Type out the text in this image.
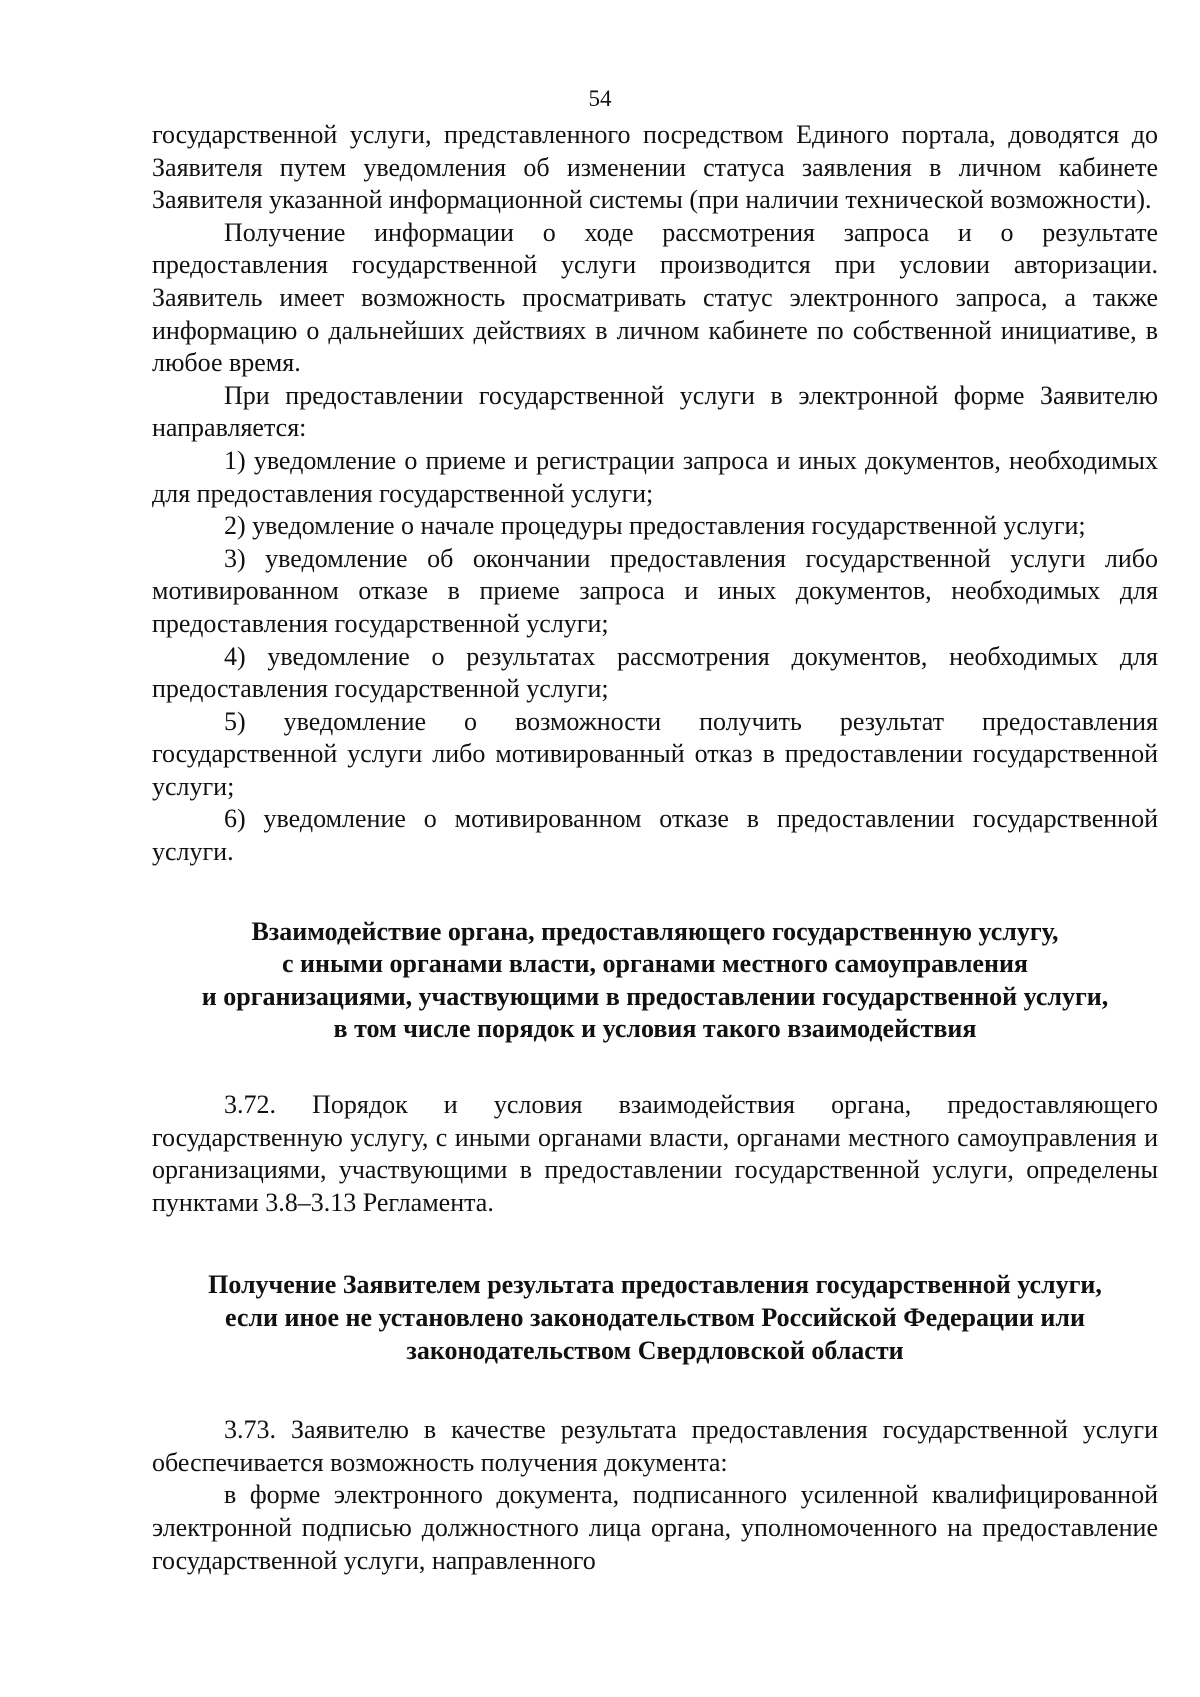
54

государственной услуги, представленного посредством Единого портала, доводятся до Заявителя путем уведомления об изменении статуса заявления в личном кабинете Заявителя указанной информационной системы (при наличии технической возможности).

Получение информации о ходе рассмотрения запроса и о результате предоставления государственной услуги производится при условии авторизации. Заявитель имеет возможность просматривать статус электронного запроса, а также информацию о дальнейших действиях в личном кабинете по собственной инициативе, в любое время.

При предоставлении государственной услуги в электронной форме Заявителю направляется:

1) уведомление о приеме и регистрации запроса и иных документов, необходимых для предоставления государственной услуги;

2) уведомление о начале процедуры предоставления государственной услуги;

3) уведомление об окончании предоставления государственной услуги либо мотивированном отказе в приеме запроса и иных документов, необходимых для предоставления государственной услуги;

4) уведомление о результатах рассмотрения документов, необходимых для предоставления государственной услуги;

5) уведомление о возможности получить результат предоставления государственной услуги либо мотивированный отказ в предоставлении государственной услуги;

6) уведомление о мотивированном отказе в предоставлении государственной услуги.

Взаимодействие органа, предоставляющего государственную услугу,
с иными органами власти, органами местного самоуправления
и организациями, участвующими в предоставлении государственной услуги,
в том числе порядок и условия такого взаимодействия

3.72. Порядок и условия взаимодействия органа, предоставляющего государственную услугу, с иными органами власти, органами местного самоуправления и организациями, участвующими в предоставлении государственной услуги, определены пунктами 3.8–3.13 Регламента.

Получение Заявителем результата предоставления государственной услуги,
если иное не установлено законодательством Российской Федерации или
законодательством Свердловской области

3.73. Заявителю в качестве результата предоставления государственной услуги обеспечивается возможность получения документа:

в форме электронного документа, подписанного усиленной квалифицированной электронной подписью должностного лица органа, уполномоченного на предоставление государственной услуги, направленного
